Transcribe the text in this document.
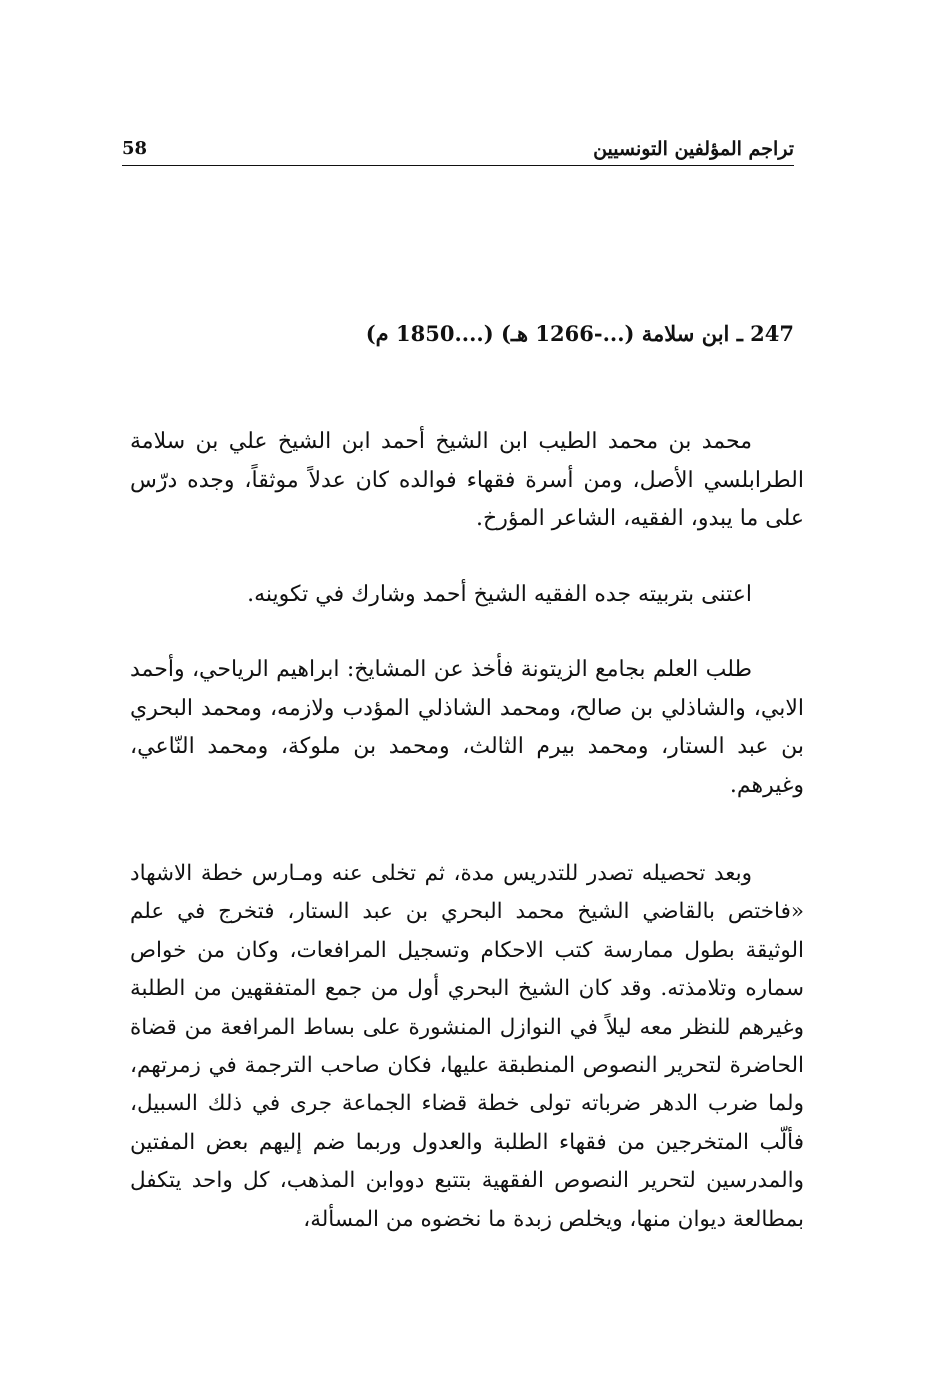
تراجم المؤلفين التونسيين
58
247 ـ ابن سلامة (...-1266 هـ) (....1850 م)
محمد بن محمد الطيب ابن الشيخ أحمد ابن الشيخ علي بن سلامة الطرابلسي الأصل، ومن أسرة فقهاء فوالده كان عدلاً موثقاً، وجده درّس على ما يبدو، الفقيه، الشاعر المؤرخ.
اعتنى بتربيته جده الفقيه الشيخ أحمد وشارك في تكوينه.
طلب العلم بجامع الزيتونة فأخذ عن المشايخ: ابراهيم الرياحي، وأحمد الابي، والشاذلي بن صالح، ومحمد الشاذلي المؤدب ولازمه، ومحمد البحري بن عبد الستار، ومحمد بيرم الثالث، ومحمد بن ملوكة، ومحمد النّاعي، وغيرهم.
وبعد تحصيله تصدر للتدريس مدة، ثم تخلى عنه ومـارس خطة الاشهاد «فاختص بالقاضي الشيخ محمد البحري بن عبد الستار، فتخرج في علم الوثيقة بطول ممارسة كتب الاحكام وتسجيل المرافعات، وكان من خواص سماره وتلامذته. وقد كان الشيخ البحري أول من جمع المتفقهين من الطلبة وغيرهم للنظر معه ليلاً في النوازل المنشورة على بساط المرافعة من قضاة الحاضرة لتحرير النصوص المنطبقة عليها، فكان صاحب الترجمة في زمرتهم، ولما ضرب الدهر ضرباته تولى خطة قضاء الجماعة جرى في ذلك السبيل، فألّب المتخرجين من فقهاء الطلبة والعدول وربما ضم إليهم بعض المفتين والمدرسين لتحرير النصوص الفقهية بتتبع دووابن المذهب، كل واحد يتكفل بمطالعة ديوان منها، ويخلص زبدة ما نخضوه من المسألة،
